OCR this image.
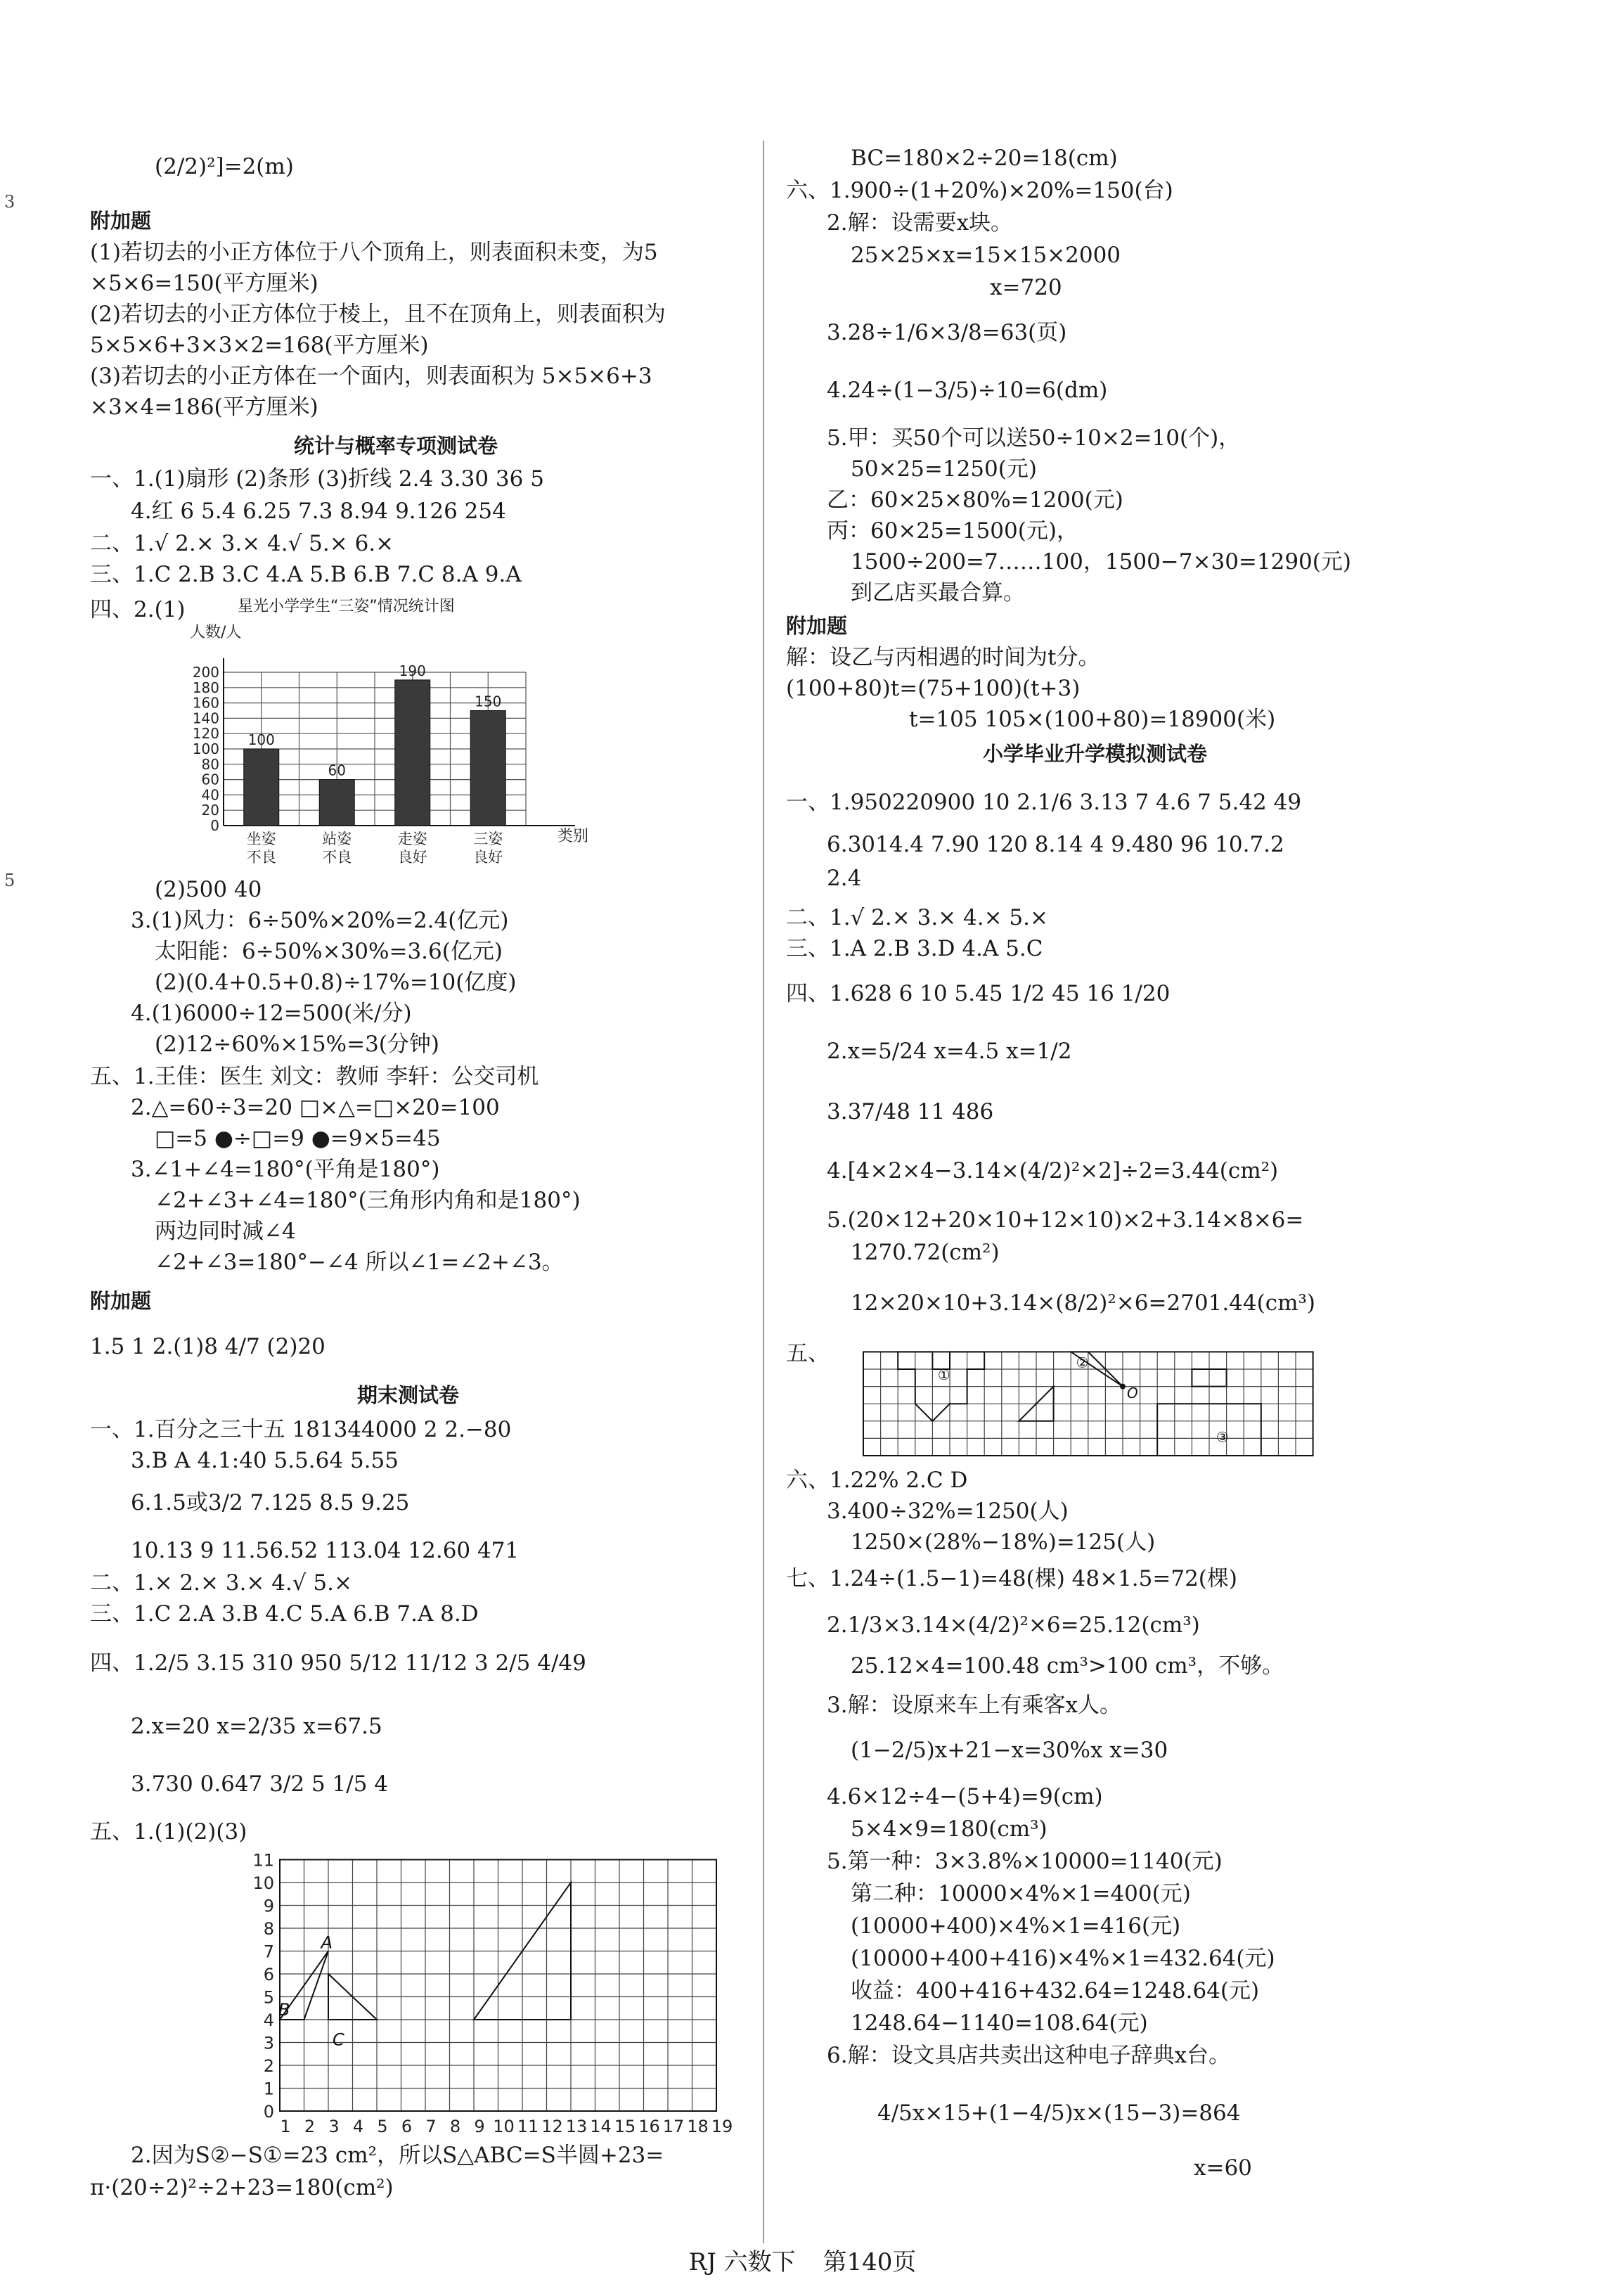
3
5
(2/2)²]=2(m)
附加题
(1)若切去的小正方体位于八个顶角上，则表面积未变，为5
×5×6=150(平方厘米)
(2)若切去的小正方体位于棱上，且不在顶角上，则表面积为
5×5×6+3×3×2=168(平方厘米)
(3)若切去的小正方体在一个面内，则表面积为 5×5×6+3
×3×4=186(平方厘米)
统计与概率专项测试卷
一、1.(1)扇形 (2)条形 (3)折线 2.4 3.30 36 5
4.红 6 5.4 6.25 7.3 8.94 9.126 254
二、1.√ 2.× 3.× 4.√ 5.× 6.×
三、1.C 2.B 3.C 4.A 5.B 6.B 7.C 8.A 9.A
四、2.(1)	星光小学学生“三姿”情况统计图
人数/人
0
20
40
60
80
100
120
140
160
180
200
类别
100
坐姿
不良
60
站姿
不良
190
走姿
良好
150
三姿
良好
(2)500 40
3.(1)风力：6÷50%×20%=2.4(亿元)
太阳能：6÷50%×30%=3.6(亿元)
(2)(0.4+0.5+0.8)÷17%=10(亿度)
4.(1)6000÷12=500(米/分)
(2)12÷60%×15%=3(分钟)
五、1.王佳：医生 刘文：教师 李轩：公交司机
2.△=60÷3=20 □×△=□×20=100
□=5 ●÷□=9 ●=9×5=45
3.∠1+∠4=180°(平角是180°)
∠2+∠3+∠4=180°(三角形内角和是180°)
两边同时减∠4
∠2+∠3=180°−∠4 所以∠1=∠2+∠3。
附加题
1.5 1 2.(1)8 4/7 (2)20
期末测试卷
一、1.百分之三十五 181344000 2 2.−80
3.B A 4.1:40 5.5.64 5.55
6.1.5或3/2 7.125 8.5 9.25
10.13 9 11.56.52 113.04 12.60 471
二、1.× 2.× 3.× 4.√ 5.×
三、1.C 2.A 3.B 4.C 5.A 6.B 7.A 8.D
四、1.2/5 3.15 310 950 5/12 11/12 3 2/5 4/49
2.x=20 x=2/35 x=67.5
3.730 0.647 3/2 5 1/5 4
五、1.(1)(2)(3)
0
1
2
3
4
5
6
7
8
9
10
11
1 2 3 4 5 6 7 8 9 10 11 12 13 14 15 16 17 18 19
A
B
C
2.因为S②−S①=23 cm²，所以S△ABC=S半圆+23=
π·(20÷2)²÷2+23=180(cm²)
BC=180×2÷20=18(cm)
六、1.900÷(1+20%)×20%=150(台)
2.解：设需要x块。
25×25×x=15×15×2000
x=720
3.28÷1/6×3/8=63(页)
4.24÷(1−3/5)÷10=6(dm)
5.甲：买50个可以送50÷10×2=10(个)，
50×25=1250(元)
乙：60×25×80%=1200(元)
丙：60×25=1500(元)，
1500÷200=7……100，1500−7×30=1290(元)
到乙店买最合算。
附加题
解：设乙与丙相遇的时间为t分。
(100+80)t=(75+100)(t+3)
t=105 105×(100+80)=18900(米)
小学毕业升学模拟测试卷
一、1.950220900 10 2.1/6 3.13 7 4.6 7 5.42 49
6.3014.4 7.90 120 8.14 4 9.480 96 10.7.2
2.4
二、1.√ 2.× 3.× 4.× 5.×
三、1.A 2.B 3.D 4.A 5.C
四、1.628 6 10 5.45 1/2 45 16 1/20
2.x=5/24 x=4.5 x=1/2
3.37/48 11 486
4.[4×2×4−3.14×(4/2)²×2]÷2=3.44(cm²)
5.(20×12+20×10+12×10)×2+3.14×8×6=
1270.72(cm²)
12×20×10+3.14×(8/2)²×6=2701.44(cm³)
五、
①
②
O
③
六、1.22% 2.C D
3.400÷32%=1250(人)
1250×(28%−18%)=125(人)
七、1.24÷(1.5−1)=48(棵) 48×1.5=72(棵)
2.1/3×3.14×(4/2)²×6=25.12(cm³)
25.12×4=100.48 cm³>100 cm³，不够。
3.解：设原来车上有乘客x人。
(1−2/5)x+21−x=30%x x=30
4.6×12÷4−(5+4)=9(cm)
5×4×9=180(cm³)
5.第一种：3×3.8%×10000=1140(元)
第二种：10000×4%×1=400(元)
(10000+400)×4%×1=416(元)
(10000+400+416)×4%×1=432.64(元)
收益：400+416+432.64=1248.64(元)
1248.64−1140=108.64(元)
6.解：设文具店共卖出这种电子辞典x台。
4/5x×15+(1−4/5)x×(15−3)=864
x=60
RJ 六数下 第140页
